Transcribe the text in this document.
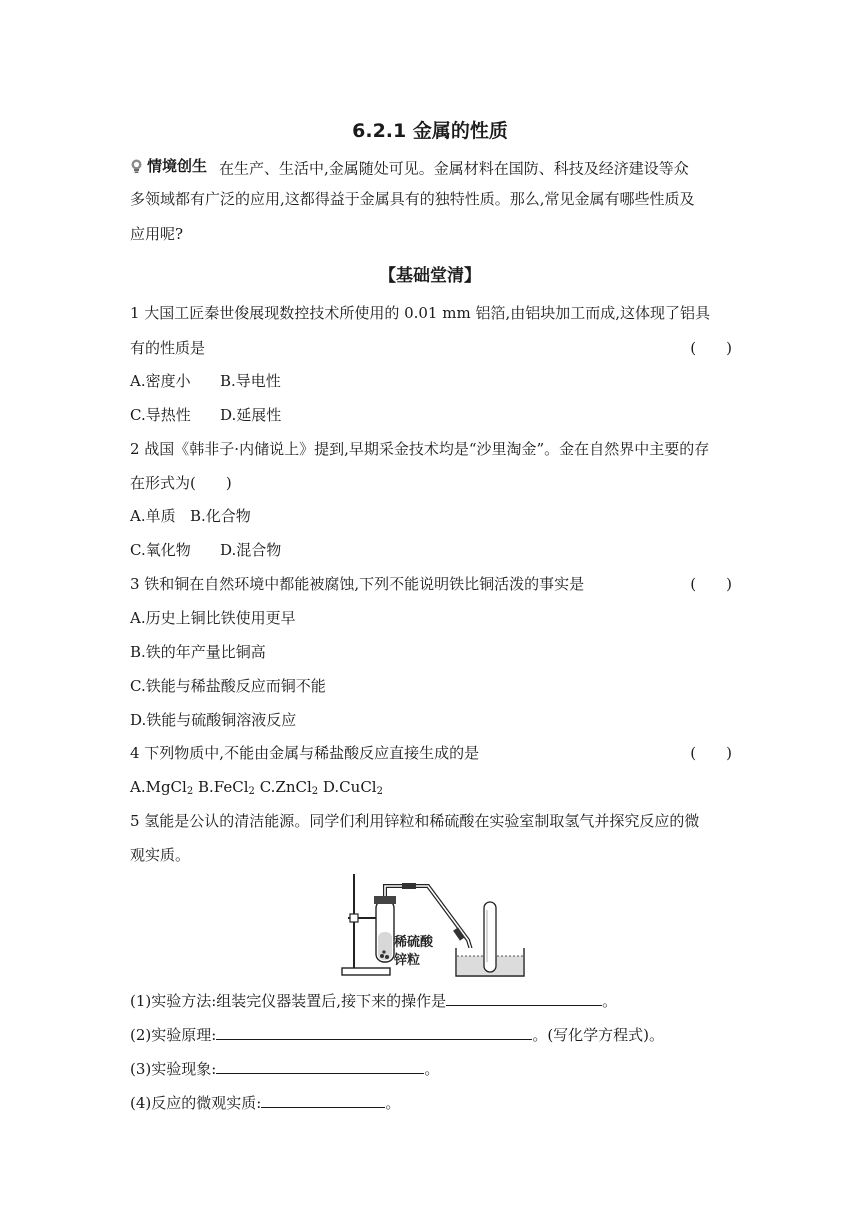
6.2.1 金属的性质
情境创生 在生产、生活中,金属随处可见。金属材料在国防、科技及经济建设等众
多领域都有广泛的应用,这都得益于金属具有的独特性质。那么,常见金属有哪些性质及
应用呢?
【基础堂清】
1 大国工匠秦世俊展现数控技术所使用的 0.01 mm 铝箔,由铝块加工而成,这体现了铝具
有的性质是	(　　)
A.密度小 B.导电性
C.导热性 D.延展性
2 战国《韩非子·内储说上》提到,早期采金技术均是“沙里淘金”。金在自然界中主要的存
在形式为(　　)
A.单质 B.化合物
C.氧化物 D.混合物
3 铁和铜在自然环境中都能被腐蚀,下列不能说明铁比铜活泼的事实是	(　　)
A.历史上铜比铁使用更早
B.铁的年产量比铜高
C.铁能与稀盐酸反应而铜不能
D.铁能与硫酸铜溶液反应
4 下列物质中,不能由金属与稀盐酸反应直接生成的是	(　　)
A.MgCl$_2$ B.FeCl$_2$ C.ZnCl$_2$ D.CuCl$_2$
5 氢能是公认的清洁能源。同学们利用锌粒和稀硫酸在实验室制取氢气并探究反应的微
观实质。
稀硫酸
锌粒
(1)实验方法:组装完仪器装置后,接下来的操作是	。
(2)实验原理:	。(写化学方程式)。
(3)实验现象:	。
(4)反应的微观实质:	。
